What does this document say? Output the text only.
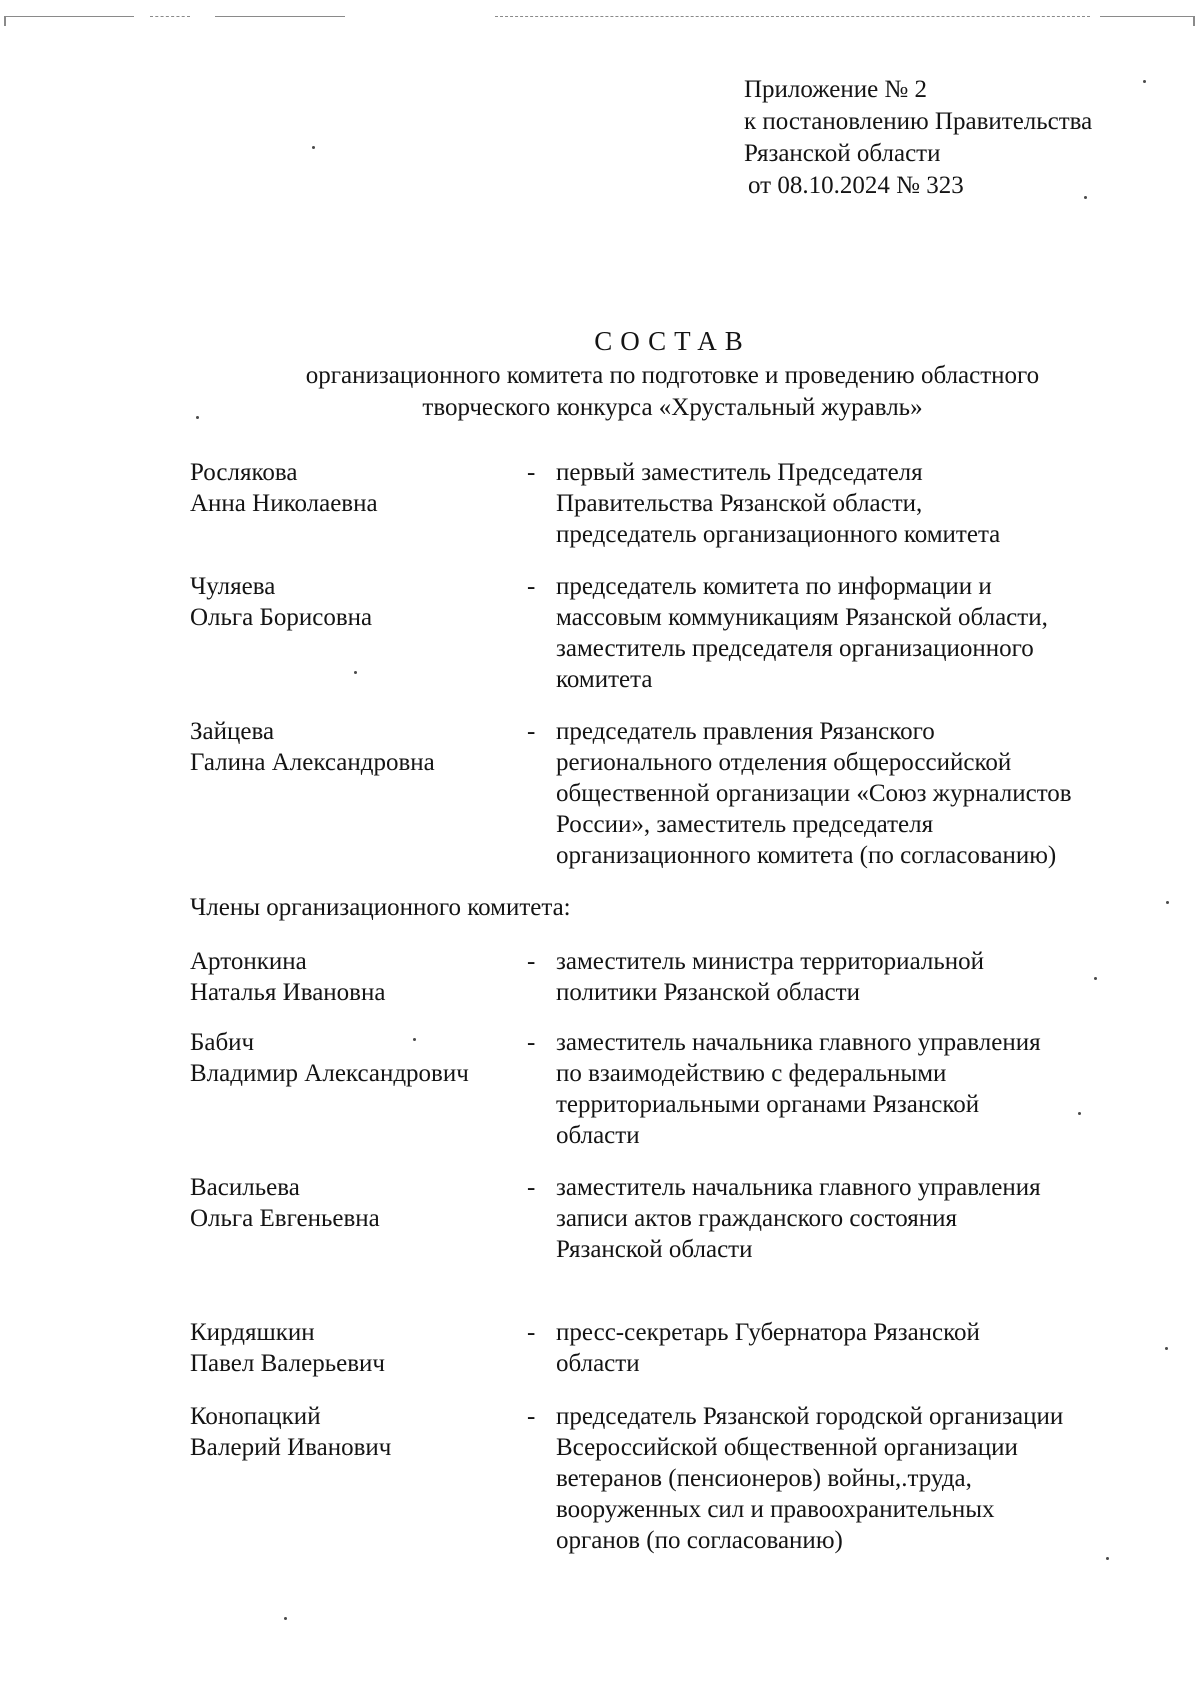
Приложение № 2
к постановлению Правительства
Рязанской области
от 08.10.2024 № 323
СОСТАВ
организационного комитета по подготовке и проведению областного
творческого конкурса «Хрустальный журавль»
Рослякова
Анна Николаевна
- первый заместитель Председателя
Правительства Рязанской области,
председатель организационного комитета
Чуляева
Ольга Борисовна
- председатель комитета по информации и
массовым коммуникациям Рязанской области,
заместитель председателя организационного
комитета
Зайцева
Галина Александровна
- председатель правления Рязанского
регионального отделения общероссийской
общественной организации «Союз журналистов
России», заместитель председателя
организационного комитета (по согласованию)
Члены организационного комитета:
Артонкина
Наталья Ивановна
- заместитель министра территориальной
политики Рязанской области
Бабич
Владимир Александрович
- заместитель начальника главного управления
по взаимодействию с федеральными
территориальными органами Рязанской
области
Васильева
Ольга Евгеньевна
- заместитель начальника главного управления
записи актов гражданского состояния
Рязанской области
Кирдяшкин
Павел Валерьевич
- пресс-секретарь Губернатора Рязанской
области
Конопацкий
Валерий Иванович
- председатель Рязанской городской организации
Всероссийской общественной организации
ветеранов (пенсионеров) войны,.труда,
вооруженных сил и правоохранительных
органов (по согласованию)
